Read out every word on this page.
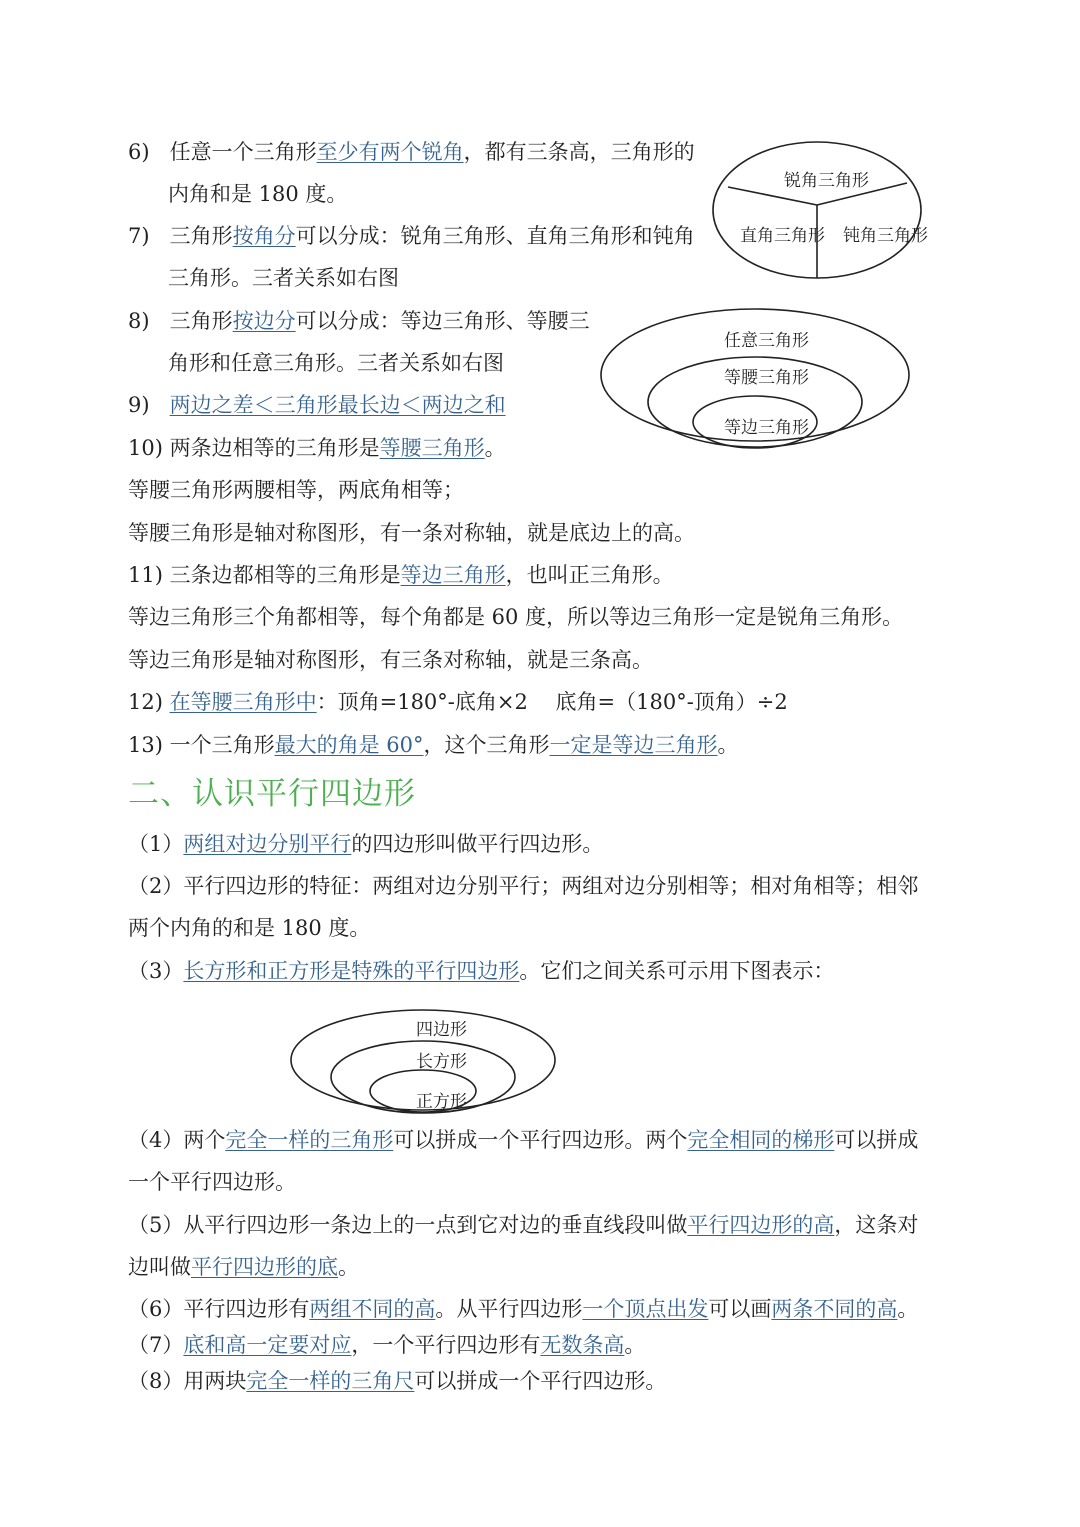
6) 任意一个三角形至少有两个锐角，都有三条高，三角形的
内角和是 180 度。
7) 三角形按角分可以分成：锐角三角形、直角三角形和钝角
三角形。三者关系如右图
8) 三角形按边分可以分成：等边三角形、等腰三
角形和任意三角形。三者关系如右图
9) 两边之差＜三角形最长边＜两边之和
10) 两条边相等的三角形是等腰三角形。
等腰三角形两腰相等，两底角相等；
等腰三角形是轴对称图形，有一条对称轴，就是底边上的高。
11) 三条边都相等的三角形是等边三角形，也叫正三角形。
等边三角形三个角都相等，每个角都是 60 度，所以等边三角形一定是锐角三角形。
等边三角形是轴对称图形，有三条对称轴，就是三条高。
12) 在等腰三角形中：顶角=180°-底角×2　 底角=（180°-顶角）÷2
13) 一个三角形最大的角是 60°，这个三角形一定是等边三角形。
二、认识平行四边形
（1）两组对边分别平行的四边形叫做平行四边形。
（2）平行四边形的特征：两组对边分别平行；两组对边分别相等；相对角相等；相邻
两个内角的和是 180 度。
（3）长方形和正方形是特殊的平行四边形。它们之间关系可示用下图表示：
（4）两个完全一样的三角形可以拼成一个平行四边形。两个完全相同的梯形可以拼成
一个平行四边形。
（5）从平行四边形一条边上的一点到它对边的垂直线段叫做平行四边形的高，这条对
边叫做平行四边形的底。
（6）平行四边形有两组不同的高。从平行四边形一个顶点出发可以画两条不同的高。
（7）底和高一定要对应，一个平行四边形有无数条高。
（8）用两块完全一样的三角尺可以拼成一个平行四边形。
锐角三角形
直角三角形 钝角三角形
任意三角形
等腰三角形
等边三角形
四边形
长方形
正方形
